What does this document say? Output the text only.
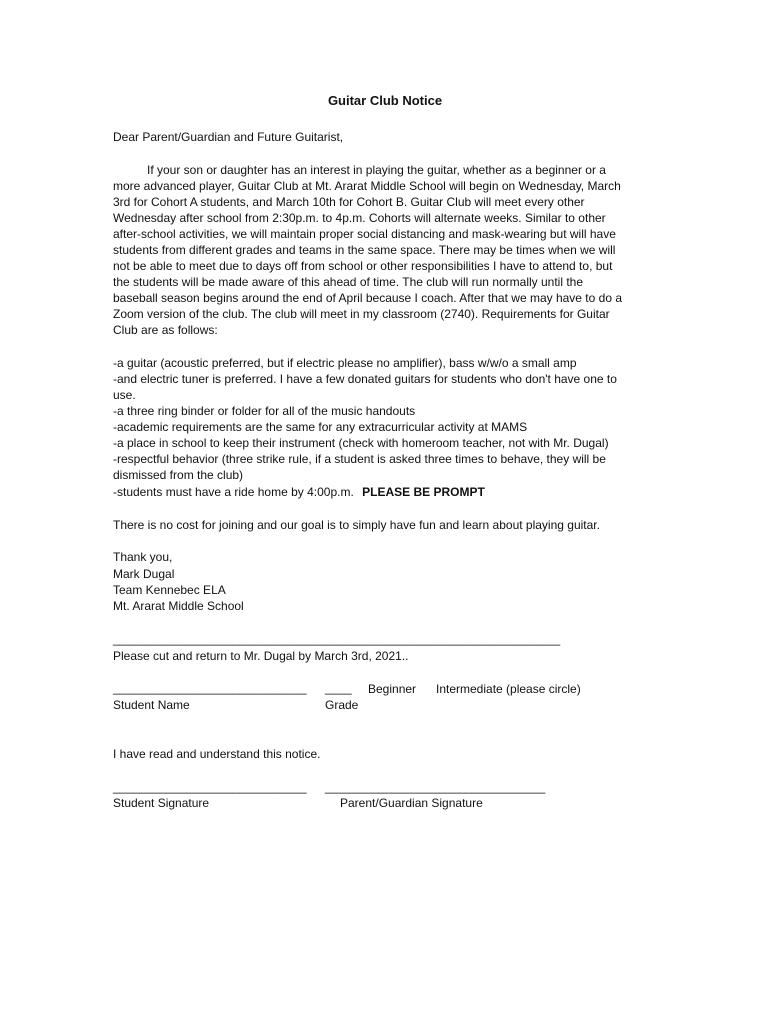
Guitar Club Notice
Dear Parent/Guardian and Future Guitarist,
If your son or daughter has an interest in playing the guitar, whether as a beginner or a
more advanced player, Guitar Club at Mt. Ararat Middle School will begin on Wednesday, March
3rd for Cohort A students, and March 10th for Cohort B. Guitar Club will meet every other
Wednesday after school from 2:30p.m. to 4p.m. Cohorts will alternate weeks. Similar to other
after-school activities, we will maintain proper social distancing and mask-wearing but will have
students from different grades and teams in the same space. There may be times when we will
not be able to meet due to days off from school or other responsibilities I have to attend to, but
the students will be made aware of this ahead of time. The club will run normally until the
baseball season begins around the end of April because I coach. After that we may have to do a
Zoom version of the club. The club will meet in my classroom (2740). Requirements for Guitar
Club are as follows:
-a guitar (acoustic preferred, but if electric please no amplifier), bass w/w/o a small amp
-and electric tuner is preferred. I have a few donated guitars for students who don't have one to
use.
-a three ring binder or folder for all of the music handouts
-academic requirements are the same for any extracurricular activity at MAMS
-a place in school to keep their instrument (check with homeroom teacher, not with Mr. Dugal)
-respectful behavior (three strike rule, if a student is asked three times to behave, they will be
dismissed from the club)
-students must have a ride home by 4:00p.m. PLEASE BE PROMPT
There is no cost for joining and our goal is to simply have fun and learn about playing guitar.
Thank you,
Mark Dugal
Team Kennebec ELA
Mt. Ararat Middle School
___________________________________________________________________
Please cut and return to Mr. Dugal by March 3rd, 2021..
_____________________________ ____ Beginner Intermediate (please circle)
Student Name	Grade
I have read and understand this notice.
_____________________________ _________________________________
Student Signature	Parent/Guardian Signature
